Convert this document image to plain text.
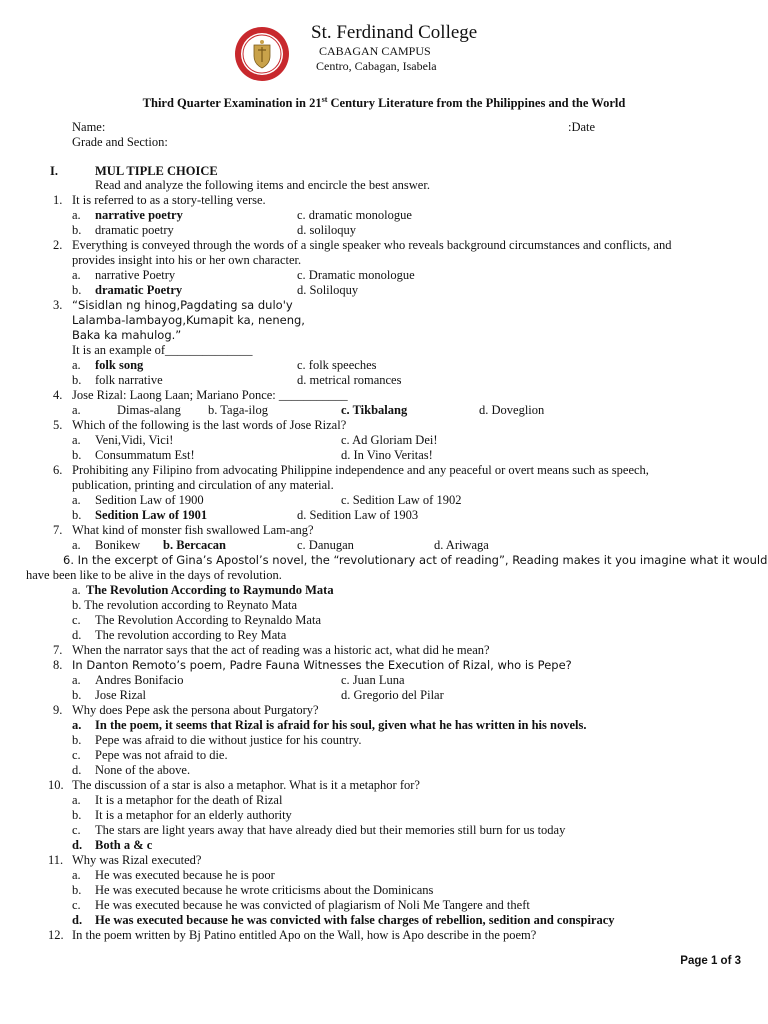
St. Ferdinand College
CABAGAN CAMPUS
Centro, Cabagan, Isabela
Third Quarter Examination in 21st Century Literature from the Philippines and the World
Name:	:Date
Grade and Section:
I.	MUL TIPLE CHOICE
Read and analyze the following items and encircle the best answer.
1. It is referred to as a story-telling verse.
a. narrative poetry	c. dramatic monologue
b. dramatic poetry	d. soliloquy
2. Everything is conveyed through the words of a single speaker who reveals background circumstances and conflicts, and
provides insight into his or her own character.
a. narrative Poetry	c. Dramatic monologue
b. dramatic Poetry	d. Soliloquy
3. “Sisidlan ng hinog,Pagdating sa dulo'y
Lalamba-lambayog,Kumapit ka, neneng,
Baka ka mahulog.”
It is an example of______________
a. folk song	c. folk speeches
b. folk narrative	d. metrical romances
4. Jose Rizal: Laong Laan; Mariano Ponce: ___________
a.	Dimas-alang b. Taga-ilog	c. Tikbalang	d. Doveglion
5. Which of the following is the last words of Jose Rizal?
a. Veni,Vidi, Vici!	c. Ad Gloriam Dei!
b. Consummatum Est!	d. In Vino Veritas!
6. Prohibiting any Filipino from advocating Philippine independence and any peaceful or overt means such as speech,
publication, printing and circulation of any material.
a. Sedition Law of 1900	c. Sedition Law of 1902
b. Sedition Law of 1901	d. Sedition Law of 1903
7. What kind of monster fish swallowed Lam-ang?
a. Bonikew b. Bercacan	c. Danugan	d. Ariwaga
6. In the excerpt of Gina’s Apostol’s novel, the “revolutionary act of reading”, Reading makes it you imagine what it would
have been like to be alive in the days of revolution.
a. The Revolution According to Raymundo Mata
b. The revolution according to Reynato Mata
c. The Revolution According to Reynaldo Mata
d. The revolution according to Rey Mata
7. When the narrator says that the act of reading was a historic act, what did he mean?
8. In Danton Remoto’s poem, Padre Fauna Witnesses the Execution of Rizal, who is Pepe?
a. Andres Bonifacio	c. Juan Luna
b. Jose Rizal	d. Gregorio del Pilar
9. Why does Pepe ask the persona about Purgatory?
a. In the poem, it seems that Rizal is afraid for his soul, given what he has written in his novels.
b. Pepe was afraid to die without justice for his country.
c. Pepe was not afraid to die.
d. None of the above.
10. The discussion of a star is also a metaphor. What is it a metaphor for?
a. It is a metaphor for the death of Rizal
b. It is a metaphor for an elderly authority
c. The stars are light years away that have already died but their memories still burn for us today
d. Both a & c
11. Why was Rizal executed?
a. He was executed because he is poor
b. He was executed because he wrote criticisms about the Dominicans
c. He was executed because he was convicted of plagiarism of Noli Me Tangere and theft
d. He was executed because he was convicted with false charges of rebellion, sedition and conspiracy
12. In the poem written by Bj Patino entitled Apo on the Wall, how is Apo describe in the poem?
Page 1 of 3
